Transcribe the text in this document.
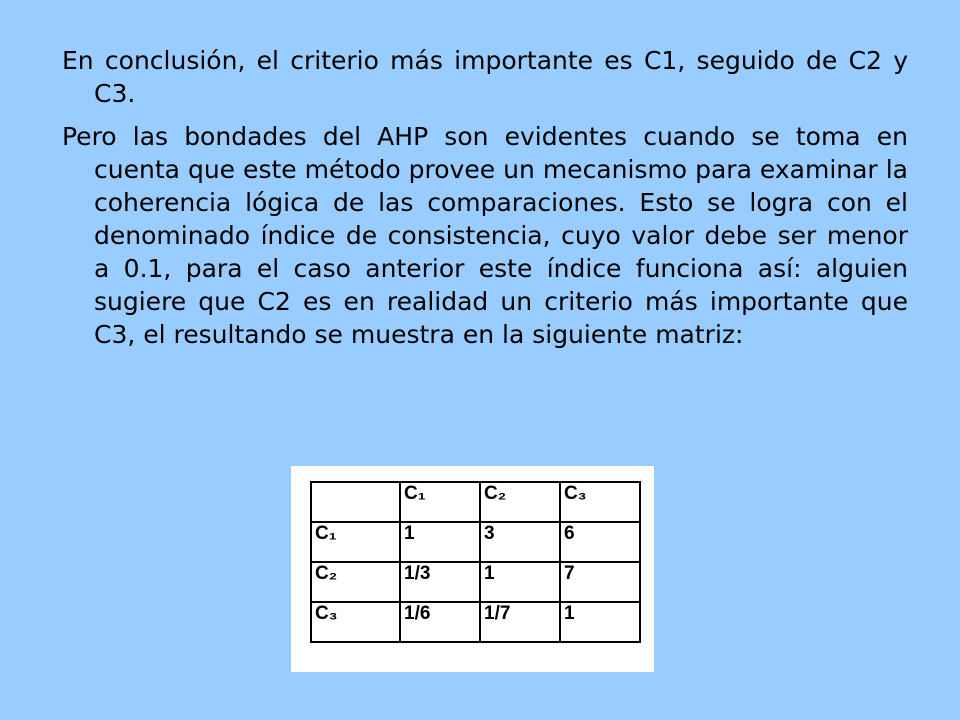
En conclusión, el criterio más importante es C1, seguido de C2 y C3.

Pero las bondades del AHP son evidentes cuando se toma en cuenta que este método provee un mecanismo para examinar la coherencia lógica de las comparaciones. Esto se logra con el denominado índice de consistencia, cuyo valor debe ser menor a 0.1, para el caso anterior este índice funciona así: alguien sugiere que C2 es en realidad un criterio más importante que C3, el resultando se muestra en la siguiente matriz:

	C₁	C₂	C₃
C₁	1	3	6
C₂	1/3	1	7
C₃	1/6	1/7	1
